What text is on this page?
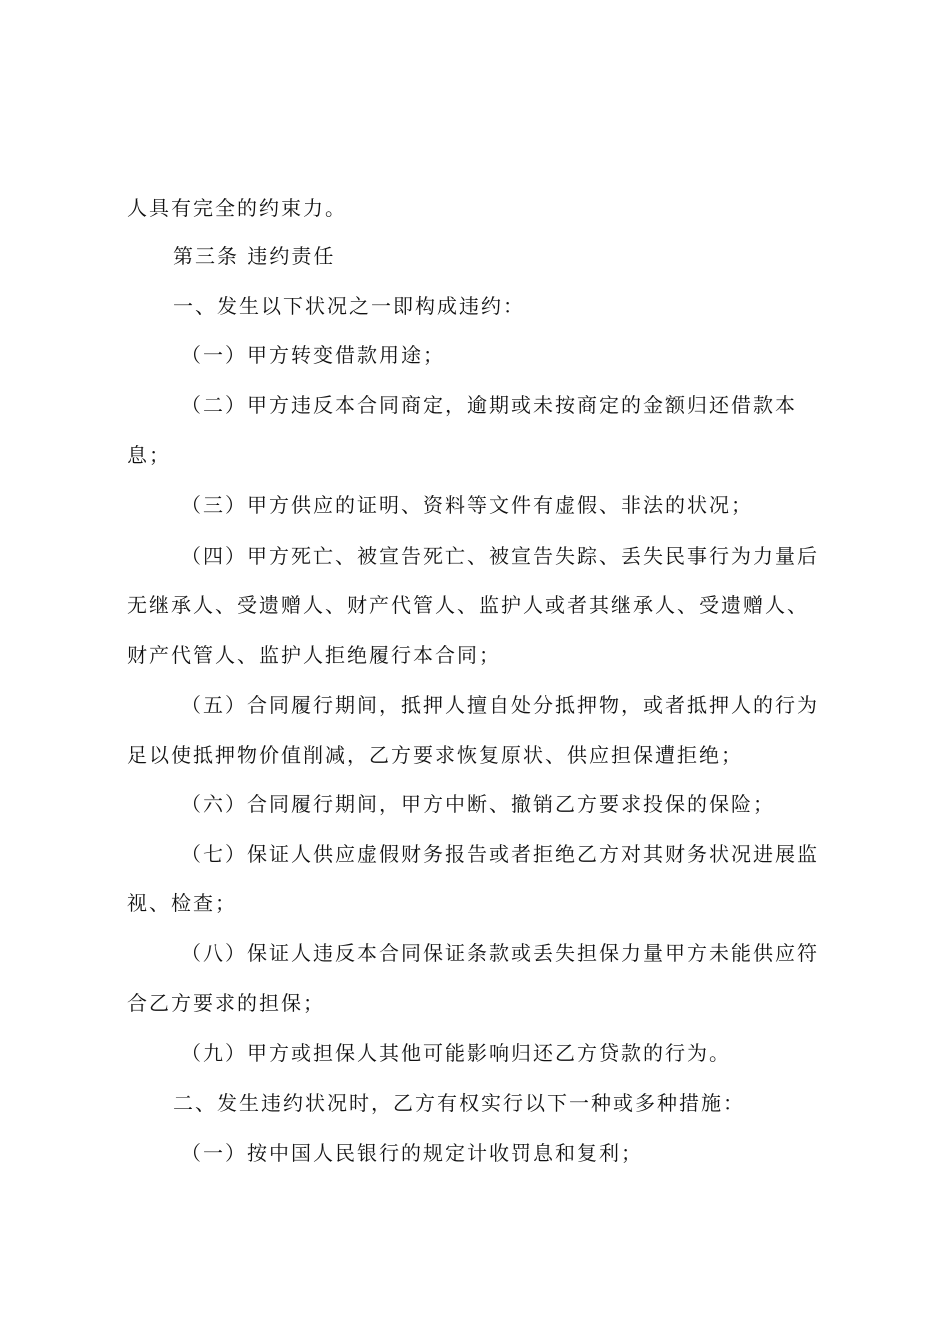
人具有完全的约束力。
第三条 违约责任
一、发生以下状况之一即构成违约：
（一）甲方转变借款用途；
（二）甲方违反本合同商定，逾期或未按商定的金额归还借款本
息；
（三）甲方供应的证明、资料等文件有虚假、非法的状况；
（四）甲方死亡、被宣告死亡、被宣告失踪、丢失民事行为力量后
无继承人、受遗赠人、财产代管人、监护人或者其继承人、受遗赠人、
财产代管人、监护人拒绝履行本合同；
（五）合同履行期间，抵押人擅自处分抵押物，或者抵押人的行为
足以使抵押物价值削减，乙方要求恢复原状、供应担保遭拒绝；
（六）合同履行期间，甲方中断、撤销乙方要求投保的保险；
（七）保证人供应虚假财务报告或者拒绝乙方对其财务状况进展监
视、检查；
（八）保证人违反本合同保证条款或丢失担保力量甲方未能供应符
合乙方要求的担保；
（九）甲方或担保人其他可能影响归还乙方贷款的行为。
二、发生违约状况时，乙方有权实行以下一种或多种措施：
（一）按中国人民银行的规定计收罚息和复利；
